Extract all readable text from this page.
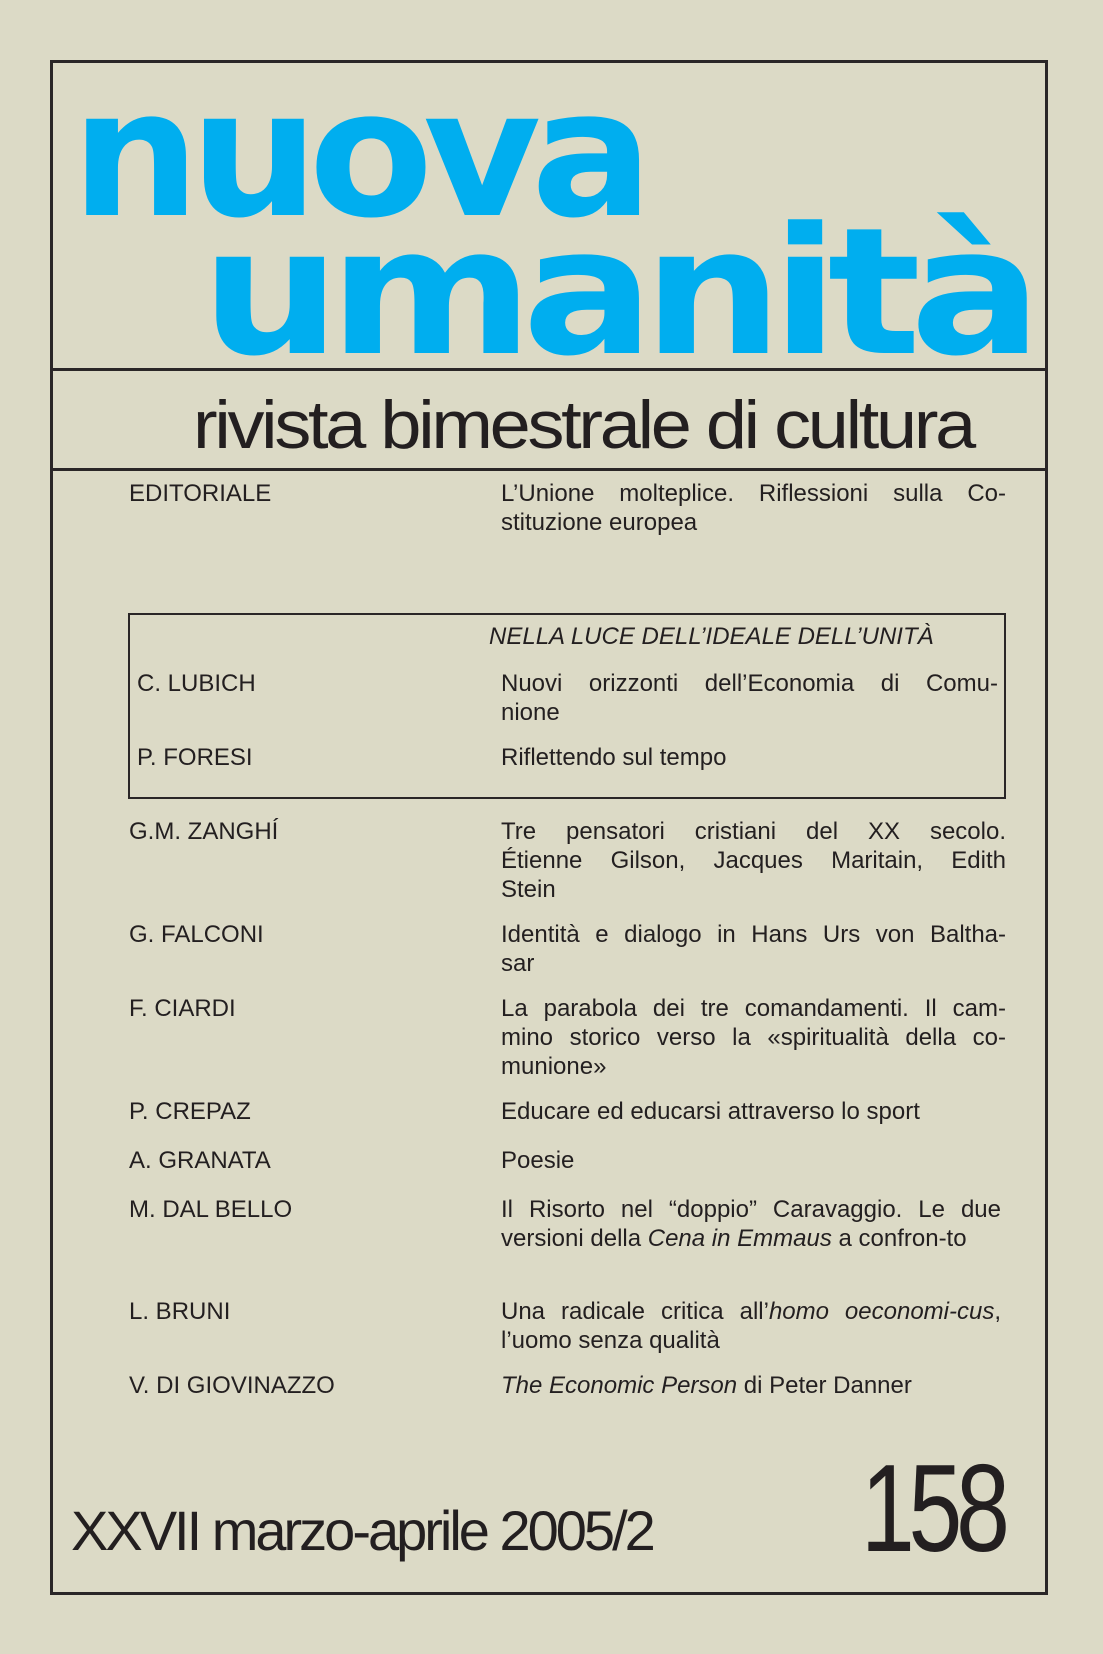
nuova
umanità
rivista bimestrale di cultura
EDITORIALE	L’Unione molteplice. Riflessioni sulla Co-
stituzione europea
NELLA LUCE DELL’IDEALE DELL’UNITÀ
C. LUBICH	Nuovi orizzonti dell’Economia di Comu-
nione
P. FORESI	Riflettendo sul tempo
G.M. ZANGHÍ	Tre pensatori cristiani del XX secolo.
Étienne Gilson, Jacques Maritain, Edith
Stein
G. FALCONI	Identità e dialogo in Hans Urs von Baltha-
sar
F. CIARDI	La parabola dei tre comandamenti. Il cam-
mino storico verso la «spiritualità della co-
munione»
P. CREPAZ	Educare ed educarsi attraverso lo sport
A. GRANATA	Poesie
M. DAL BELLO	Il Risorto nel “doppio” Caravaggio. Le due versioni della Cena in Emmaus a confron-to
L. BRUNI	Una radicale critica all’homo oeconomi-cus, l’uomo senza qualità
V. DI GIOVINAZZO	The Economic Person di Peter Danner
XXVII marzo-aprile 2005/2 158
